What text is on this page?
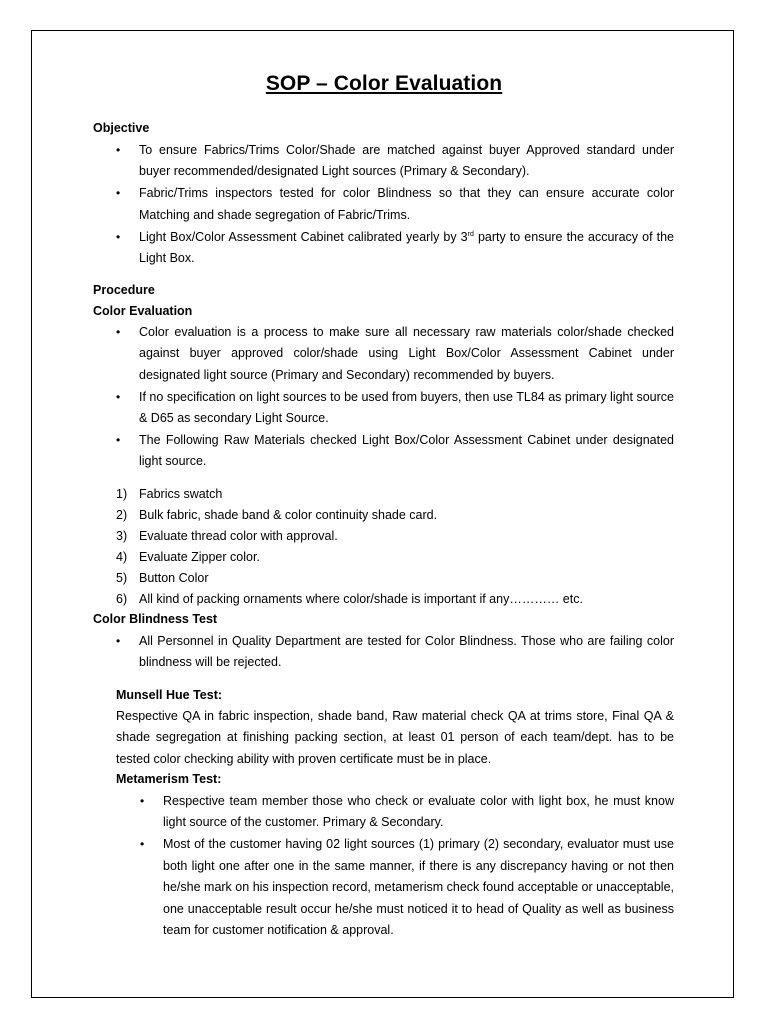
SOP – Color Evaluation
Objective
•	To ensure Fabrics/Trims Color/Shade are matched against buyer Approved standard under buyer recommended/designated Light sources (Primary & Secondary).
•	Fabric/Trims inspectors tested for color Blindness so that they can ensure accurate color Matching and shade segregation of Fabric/Trims.
•	Light Box/Color Assessment Cabinet calibrated yearly by 3rd party to ensure the accuracy of the Light Box.
Procedure
Color Evaluation
•	Color evaluation is a process to make sure all necessary raw materials color/shade checked against buyer approved color/shade using Light Box/Color Assessment Cabinet under designated light source (Primary and Secondary) recommended by buyers.
•	If no specification on light sources to be used from buyers, then use TL84 as primary light source & D65 as secondary Light Source.
•	The Following Raw Materials checked Light Box/Color Assessment Cabinet under designated light source.
1) Fabrics swatch
2) Bulk fabric, shade band & color continuity shade card.
3) Evaluate thread color with approval.
4) Evaluate Zipper color.
5) Button Color
6) All kind of packing ornaments where color/shade is important if any………… etc.
Color Blindness Test
•	All Personnel in Quality Department are tested for Color Blindness. Those who are failing color blindness will be rejected.
Munsell Hue Test:

Respective QA in fabric inspection, shade band, Raw material check QA at trims store, Final QA & shade segregation at finishing packing section, at least 01 person of each team/dept. has to be tested color checking ability with proven certificate must be in place.

Metamerism Test:
•	Respective team member those who check or evaluate color with light box, he must know light source of the customer. Primary & Secondary.
•	Most of the customer having 02 light sources (1) primary (2) secondary, evaluator must use both light one after one in the same manner, if there is any discrepancy having or not then he/she mark on his inspection record, metamerism check found acceptable or unacceptable, one unacceptable result occur he/she must noticed it to head of Quality as well as business team for customer notification & approval.
